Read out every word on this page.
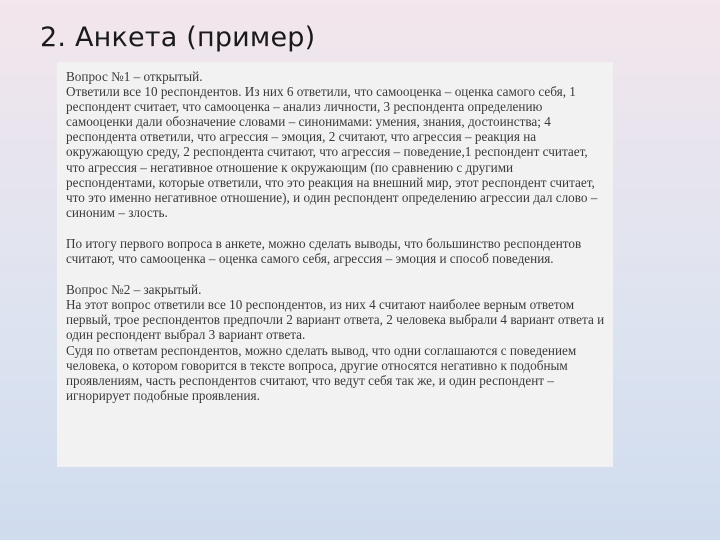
2. Анкета (пример)

Вопрос №1 – открытый.

Ответили все 10 респондентов. Из них 6 ответили, что самооценка – оценка самого себя, 1 респондент считает, что самооценка – анализ личности, 3 респондента определению самооценки дали обозначение словами – синонимами: умения, знания, достоинства; 4 респондента ответили, что агрессия – эмоция, 2 считают, что агрессия – реакция на окружающую среду, 2 респондента считают, что агрессия – поведение,1 респондент считает, что агрессия – негативное отношение к окружающим (по сравнению с другими респондентами, которые ответили, что это реакция на внешний мир, этот респондент считает, что это именно негативное отношение), и один респондент определению агрессии дал слово – синоним – злость.

По итогу первого вопроса в анкете, можно сделать выводы, что большинство респондентов считают, что самооценка – оценка самого себя, агрессия – эмоция и способ поведения.

Вопрос №2 – закрытый.

На этот вопрос ответили все 10 респондентов, из них 4 считают наиболее верным ответом первый, трое респондентов предпочли 2 вариант ответа, 2 человека выбрали 4 вариант ответа и один респондент выбрал 3 вариант ответа.

Судя по ответам респондентов, можно сделать вывод, что одни соглашаются с поведением человека, о котором говорится в тексте вопроса, другие относятся негативно к подобным проявлениям, часть респондентов считают, что ведут себя так же, и один респондент – игнорирует подобные проявления.
